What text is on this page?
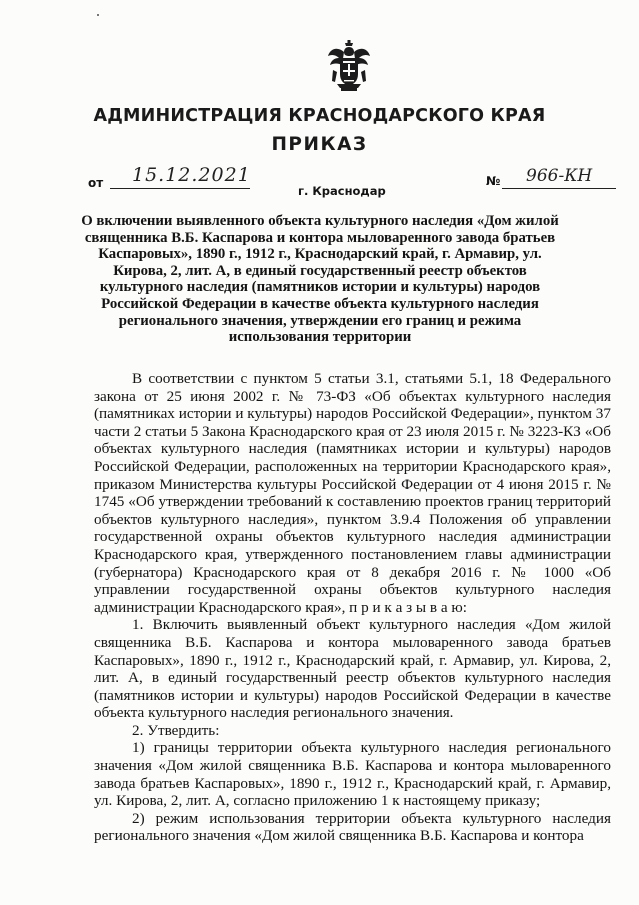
АДМИНИСТРАЦИЯ КРАСНОДАРСКОГО КРАЯ
ПРИКАЗ
от 15.12.2021	№ 966-КН
г. Краснодар
О включении выявленного объекта культурного наследия «Дом жилой священника В.Б. Каспарова и контора мыловаренного завода братьев Каспаровых», 1890 г., 1912 г., Краснодарский край, г. Армавир, ул. Кирова, 2, лит. А, в единый государственный реестр объектов культурного наследия (памятников истории и культуры) народов Российской Федерации в качестве объекта культурного наследия регионального значения, утверждении его границ и режима использования территории

В соответствии с пунктом 5 статьи 3.1, статьями 5.1, 18 Федерального закона от 25 июня 2002 г. № 73-ФЗ «Об объектах культурного наследия (памятниках истории и культуры) народов Российской Федерации», пунктом 37 части 2 статьи 5 Закона Краснодарского края от 23 июля 2015 г. № 3223-КЗ «Об объектах культурного наследия (памятниках истории и культуры) народов Российской Федерации, расположенных на территории Краснодарского края», приказом Министерства культуры Российской Федерации от 4 июня 2015 г. № 1745 «Об утверждении требований к составлению проектов границ территорий объектов культурного наследия», пунктом 3.9.4 Положения об управлении государственной охраны объектов культурного наследия администрации Краснодарского края, утвержденного постановлением главы администрации (губернатора) Краснодарского края от 8 декабря 2016 г. № 1000 «Об управлении государственной охраны объектов культурного наследия администрации Краснодарского края», п р и к а з ы в а ю:

1. Включить выявленный объект культурного наследия «Дом жилой священника В.Б. Каспарова и контора мыловаренного завода братьев Каспаровых», 1890 г., 1912 г., Краснодарский край, г. Армавир, ул. Кирова, 2, лит. А, в единый государственный реестр объектов культурного наследия (памятников истории и культуры) народов Российской Федерации в качестве объекта культурного наследия регионального значения.

2. Утвердить:

1) границы территории объекта культурного наследия регионального значения «Дом жилой священника В.Б. Каспарова и контора мыловаренного завода братьев Каспаровых», 1890 г., 1912 г., Краснодарский край, г. Армавир, ул. Кирова, 2, лит. А, согласно приложению 1 к настоящему приказу;

2) режим использования территории объекта культурного наследия регионального значения «Дом жилой священника В.Б. Каспарова и контора
